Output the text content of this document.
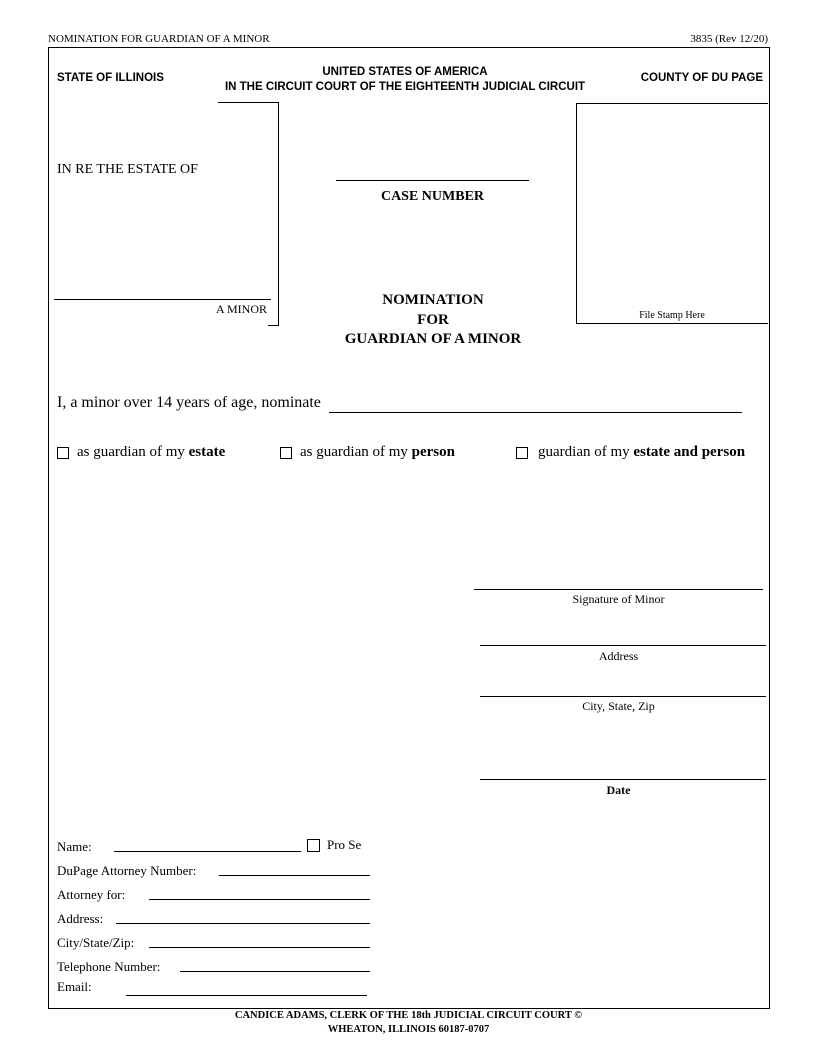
NOMINATION FOR GUARDIAN OF A MINOR	3835 (Rev 12/20)
STATE OF ILLINOIS	UNITED STATES OF AMERICA
IN THE CIRCUIT COURT OF THE EIGHTEENTH JUDICIAL CIRCUIT
COUNTY OF DU PAGE
IN RE THE ESTATE OF
A MINOR
CASE NUMBER
NOMINATION
FOR
GUARDIAN OF A MINOR
File Stamp Here
I, a minor over 14 years of age, nominate
as guardian of my estate	as guardian of my person	guardian of my estate and person
Signature of Minor
Address
City, State, Zip
Date
Name:	Pro Se
DuPage Attorney Number:
Attorney for:
Address:
City/State/Zip:
Telephone Number:
Email:
CANDICE ADAMS, CLERK OF THE 18th JUDICIAL CIRCUIT COURT ©
WHEATON, ILLINOIS 60187-0707
